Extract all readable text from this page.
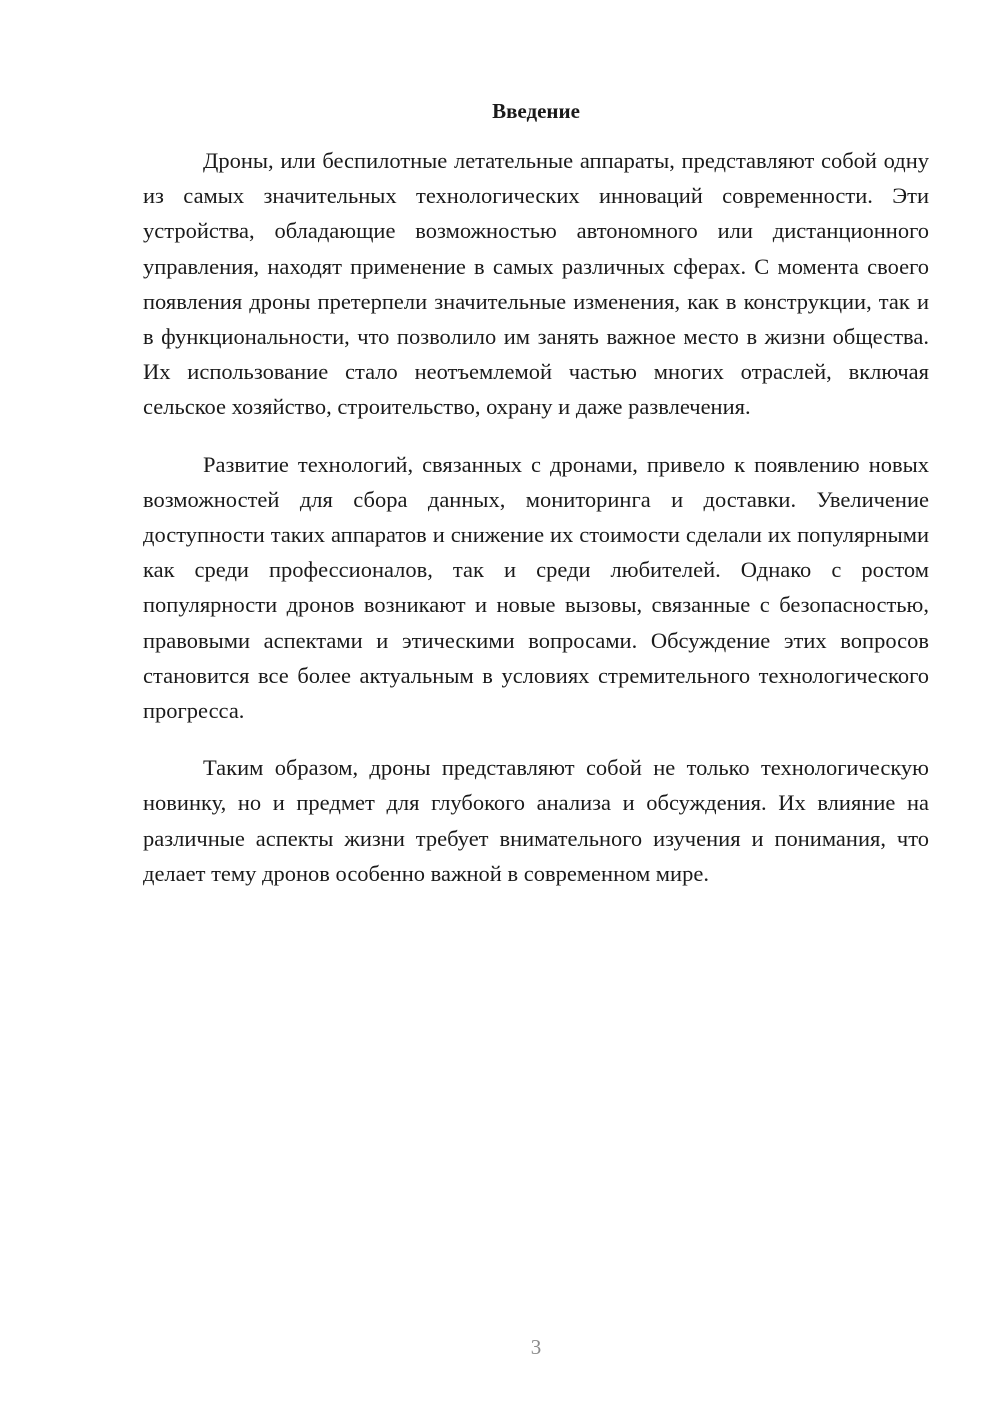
Введение

Дроны, или беспилотные летательные аппараты, представляют собой одну из самых значительных технологических инноваций современности. Эти устройства, обладающие возможностью автономного или дистанционного управления, находят применение в самых различных сферах. С момента своего появления дроны претерпели значительные изменения, как в конструкции, так и в функциональности, что позволило им занять важное место в жизни общества. Их использование стало неотъемлемой частью многих отраслей, включая сельское хозяйство, строительство, охрану и даже развлечения.

Развитие технологий, связанных с дронами, привело к появлению новых возможностей для сбора данных, мониторинга и доставки. Увеличение доступности таких аппаратов и снижение их стоимости сделали их популярными как среди профессионалов, так и среди любителей. Однако с ростом популярности дронов возникают и новые вызовы, связанные с безопасностью, правовыми аспектами и этическими вопросами. Обсуждение этих вопросов становится все более актуальным в условиях стремительного технологического прогресса.

Таким образом, дроны представляют собой не только технологическую новинку, но и предмет для глубокого анализа и обсуждения. Их влияние на различные аспекты жизни требует внимательного изучения и понимания, что делает тему дронов особенно важной в современном мире.

3
